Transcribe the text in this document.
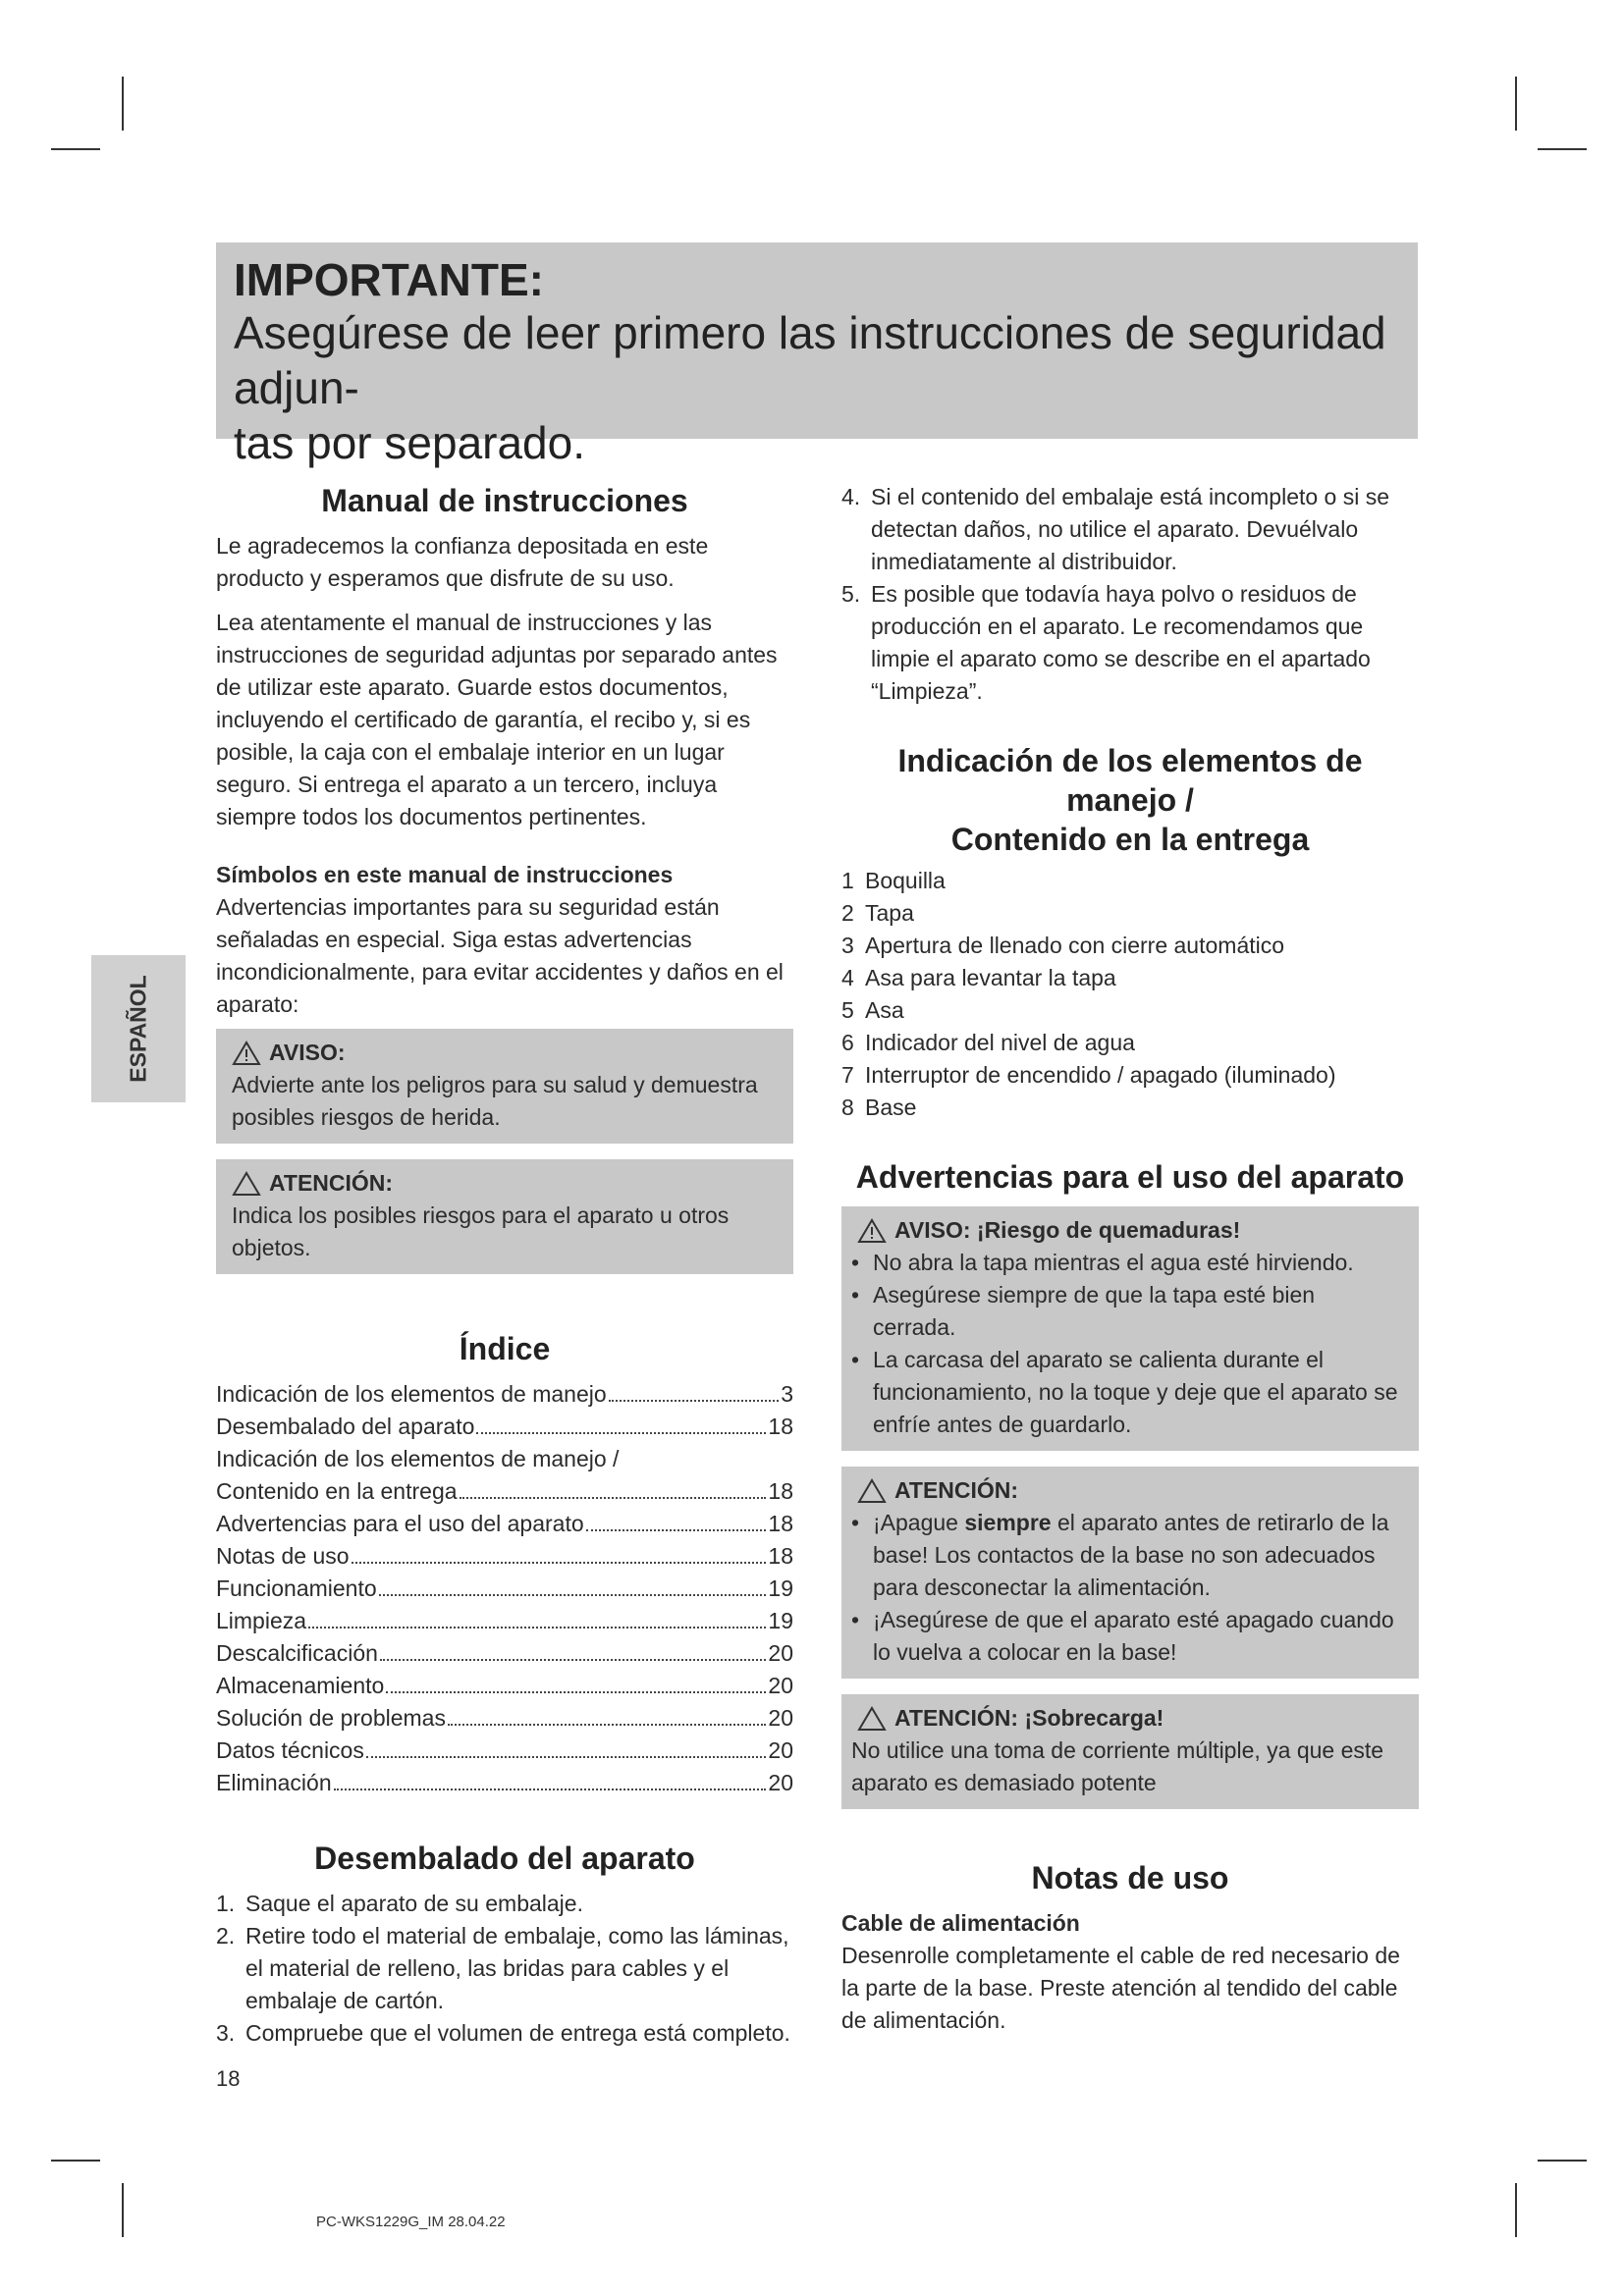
IMPORTANTE:
Asegúrese de leer primero las instrucciones de seguridad adjun-
tas por separado.
ESPAÑOL
Manual de instrucciones

Le agradecemos la confianza depositada en este producto y esperamos que disfrute de su uso.

Lea atentamente el manual de instrucciones y las instrucciones de seguridad adjuntas por separado antes de utilizar este aparato. Guarde estos documentos, incluyendo el certificado de garantía, el recibo y, si es posible, la caja con el embalaje interior en un lugar seguro. Si entrega el aparato a un tercero, incluya siempre todos los documentos pertinentes.

Símbolos en este manual de instrucciones

Advertencias importantes para su seguridad están señaladas en especial. Siga estas advertencias incondicionalmente, para evitar accidentes y daños en el aparato:

AVISO:
Advierte ante los peligros para su salud y demuestra posibles riesgos de herida.
ATENCIÓN:
Indica los posibles riesgos para el aparato u otros objetos.
Índice
Indicación de los elementos de manejo	3
Desembalado del aparato	18
Indicación de los elementos de manejo /
Contenido en la entrega	18
Advertencias para el uso del aparato	18
Notas de uso	18
Funcionamiento	19
Limpieza	19
Descalcificación	20
Almacenamiento	20
Solución de problemas	20
Datos técnicos	20
Eliminación	20
Desembalado del aparato
1. Saque el aparato de su embalaje.
2. Retire todo el material de embalaje, como las láminas, el material de relleno, las bridas para cables y el embalaje de cartón.
3. Compruebe que el volumen de entrega está completo.
4. Si el contenido del embalaje está incompleto o si se detectan daños, no utilice el aparato. Devuélvalo inmediatamente al distribuidor.
5. Es posible que todavía haya polvo o residuos de producción en el aparato. Le recomendamos que limpie el aparato como se describe en el apartado “Limpieza”.
Indicación de los elementos de manejo /
Contenido en la entrega
1 Boquilla
2 Tapa
3 Apertura de llenado con cierre automático
4 Asa para levantar la tapa
5 Asa
6 Indicador del nivel de agua
7 Interruptor de encendido / apagado (iluminado)
8 Base
Advertencias para el uso del aparato
AVISO: ¡Riesgo de quemaduras!
• No abra la tapa mientras el agua esté hirviendo.
• Asegúrese siempre de que la tapa esté bien cerrada.
• La carcasa del aparato se calienta durante el funcionamiento, no la toque y deje que el aparato se enfríe antes de guardarlo.
ATENCIÓN:
• ¡Apague siempre el aparato antes de retirarlo de la base! Los contactos de la base no son adecuados para desconectar la alimentación.
• ¡Asegúrese de que el aparato esté apagado cuando lo vuelva a colocar en la base!
ATENCIÓN: ¡Sobrecarga!
No utilice una toma de corriente múltiple, ya que este aparato es demasiado potente
Notas de uso
Cable de alimentación

Desenrolle completamente el cable de red necesario de la parte de la base. Preste atención al tendido del cable de alimentación.

18
PC-WKS1229G_IM 28.04.22
